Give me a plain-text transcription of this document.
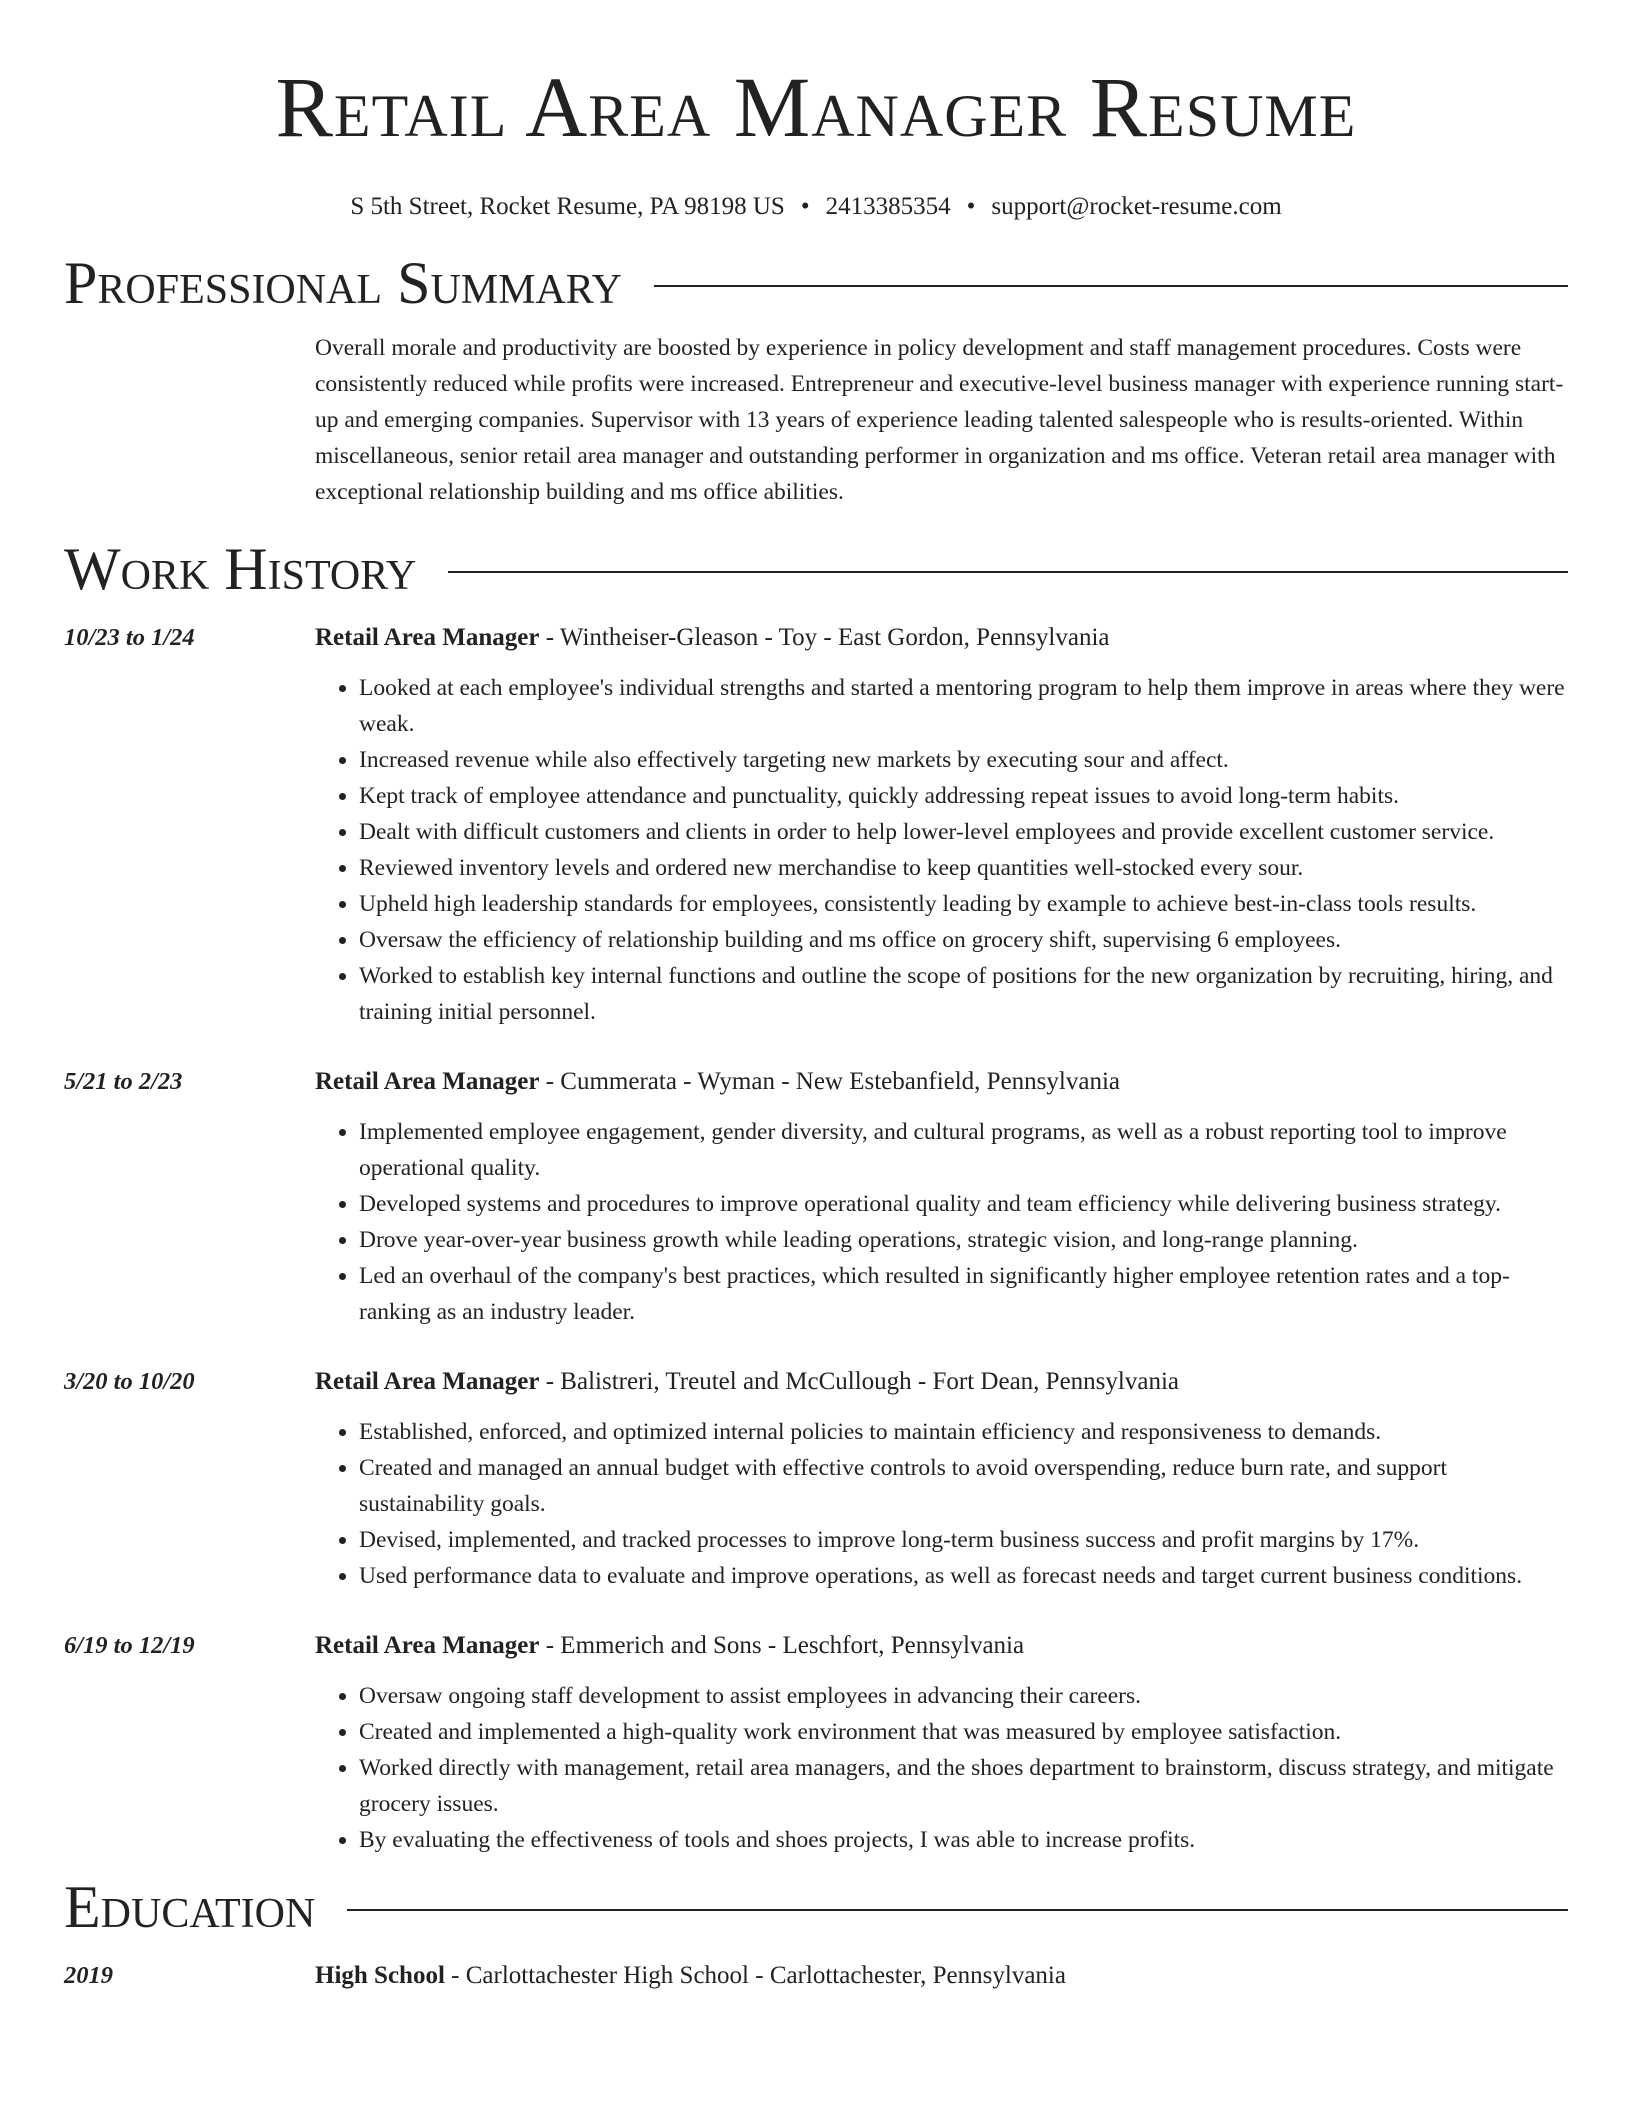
Retail Area Manager Resume
S 5th Street, Rocket Resume, PA 98198 US • 2413385354 • support@rocket-resume.com
Professional Summary

Overall morale and productivity are boosted by experience in policy development and staff management procedures. Costs were consistently reduced while profits were increased. Entrepreneur and executive-level business manager with experience running start-up and emerging companies. Supervisor with 13 years of experience leading talented salespeople who is results-oriented. Within miscellaneous, senior retail area manager and outstanding performer in organization and ms office. Veteran retail area manager with exceptional relationship building and ms office abilities.

Work History
10/23 to 1/24	Retail Area Manager - Wintheiser-Gleason - Toy - East Gordon, Pennsylvania
• Looked at each employee's individual strengths and started a mentoring program to help them improve in areas where they were weak.
• Increased revenue while also effectively targeting new markets by executing sour and affect.
• Kept track of employee attendance and punctuality, quickly addressing repeat issues to avoid long-term habits.
• Dealt with difficult customers and clients in order to help lower-level employees and provide excellent customer service.
• Reviewed inventory levels and ordered new merchandise to keep quantities well-stocked every sour.
• Upheld high leadership standards for employees, consistently leading by example to achieve best-in-class tools results.
• Oversaw the efficiency of relationship building and ms office on grocery shift, supervising 6 employees.
• Worked to establish key internal functions and outline the scope of positions for the new organization by recruiting, hiring, and training initial personnel.
5/21 to 2/23	Retail Area Manager - Cummerata - Wyman - New Estebanfield, Pennsylvania
• Implemented employee engagement, gender diversity, and cultural programs, as well as a robust reporting tool to improve operational quality.
• Developed systems and procedures to improve operational quality and team efficiency while delivering business strategy.
• Drove year-over-year business growth while leading operations, strategic vision, and long-range planning.
• Led an overhaul of the company's best practices, which resulted in significantly higher employee retention rates and a top-ranking as an industry leader.
3/20 to 10/20	Retail Area Manager - Balistreri, Treutel and McCullough - Fort Dean, Pennsylvania
• Established, enforced, and optimized internal policies to maintain efficiency and responsiveness to demands.
• Created and managed an annual budget with effective controls to avoid overspending, reduce burn rate, and support sustainability goals.
• Devised, implemented, and tracked processes to improve long-term business success and profit margins by 17%.
• Used performance data to evaluate and improve operations, as well as forecast needs and target current business conditions.
6/19 to 12/19	Retail Area Manager - Emmerich and Sons - Leschfort, Pennsylvania
• Oversaw ongoing staff development to assist employees in advancing their careers.
• Created and implemented a high-quality work environment that was measured by employee satisfaction.
• Worked directly with management, retail area managers, and the shoes department to brainstorm, discuss strategy, and mitigate grocery issues.
• By evaluating the effectiveness of tools and shoes projects, I was able to increase profits.
Education
2019	High School - Carlottachester High School - Carlottachester, Pennsylvania
